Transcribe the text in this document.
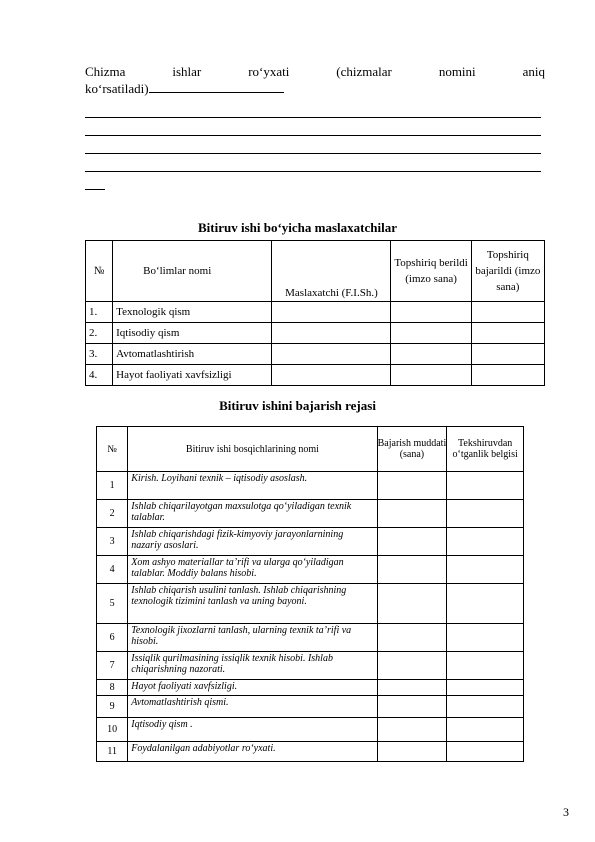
Chizma	ishlar	ro‘yxati	(chizmalar	nomini	aniq
ko‘rsatiladi)
Bitiruv ishi bo‘yicha maslaxatchilar
№	Bo‘limlar nomi	Maslaxatchi (F.I.Sh.)	Topshiriq berildi (imzo sana)	Topshiriq bajarildi (imzo sana)
1.	Texnologik qism			
2.	Iqtisodiy qism			
3.	Avtomatlashtirish			
4.	Hayot faoliyati xavfsizligi			
Bitiruv ishini bajarish rejasi
№	Bitiruv ishi bosqichlarining nomi	Bajarish muddati (sana)	Tekshiruvdan o‘tganlik belgisi
1	Kirish. Loyihani texnik – iqtisodiy asoslash.		
2	Ishlab chiqarilayotgan maxsulotga qo‘yiladigan texnik talablar.		
3	Ishlab chiqarishdagi fizik-kimyoviy jarayonlarnining nazariy asoslari.		
4	Xom ashyo materiallar ta’rifi va ularga qo‘yiladigan talablar. Moddiy balans hisobi.		
5	Ishlab chiqarish usulini tanlash. Ishlab chiqarishning texnologik tizimini tanlash va uning bayoni.		
6	Texnologik jixozlarni tanlash, ularning texnik ta’rifi va hisobi.		
7	Issiqlik qurilmasining issiqlik texnik hisobi. Ishlab chiqarishning nazorati.		
8	Hayot faoliyati xavfsizligi.		
9	Avtomatlashtirish qismi.		
10	Iqtisodiy qism .		
11	Foydalanilgan adabiyotlar ro‘yxati.		
3
